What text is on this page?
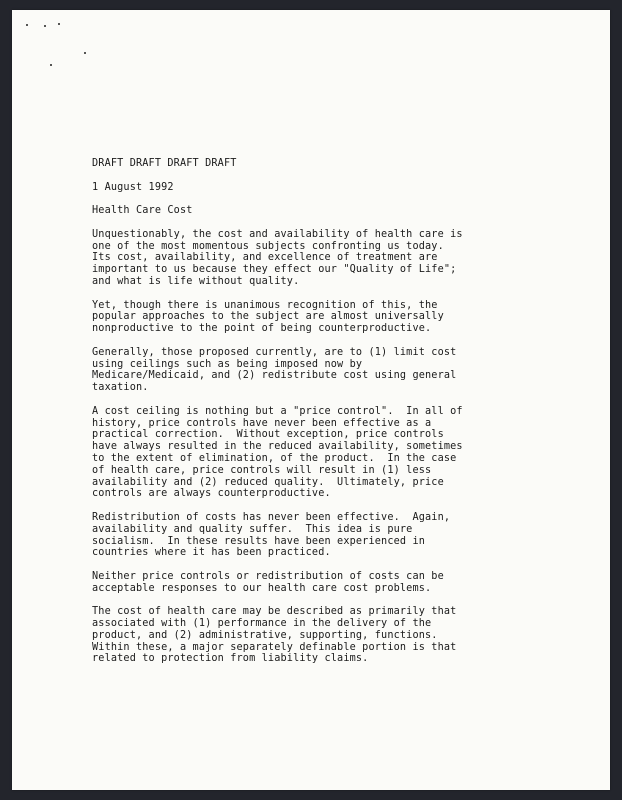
DRAFT DRAFT DRAFT DRAFT
1 August 1992
Health Care Cost
Unquestionably, the cost and availability of health care is
one of the most momentous subjects confronting us today.
Its cost, availability, and excellence of treatment are
important to us because they effect our "Quality of Life";
and what is life without quality.
Yet, though there is unanimous recognition of this, the
popular approaches to the subject are almost universally
nonproductive to the point of being counterproductive.
Generally, those proposed currently, are to (1) limit cost
using ceilings such as being imposed now by
Medicare/Medicaid, and (2) redistribute cost using general
taxation.
A cost ceiling is nothing but a "price control".  In all of
history, price controls have never been effective as a
practical correction.  Without exception, price controls
have always resulted in the reduced availability, sometimes
to the extent of elimination, of the product.  In the case
of health care, price controls will result in (1) less
availability and (2) reduced quality.  Ultimately, price
controls are always counterproductive.
Redistribution of costs has never been effective.  Again,
availability and quality suffer.  This idea is pure
socialism.  In these results have been experienced in
countries where it has been practiced.
Neither price controls or redistribution of costs can be
acceptable responses to our health care cost problems.
The cost of health care may be described as primarily that
associated with (1) performance in the delivery of the
product, and (2) administrative, supporting, functions.
Within these, a major separately definable portion is that
related to protection from liability claims.
